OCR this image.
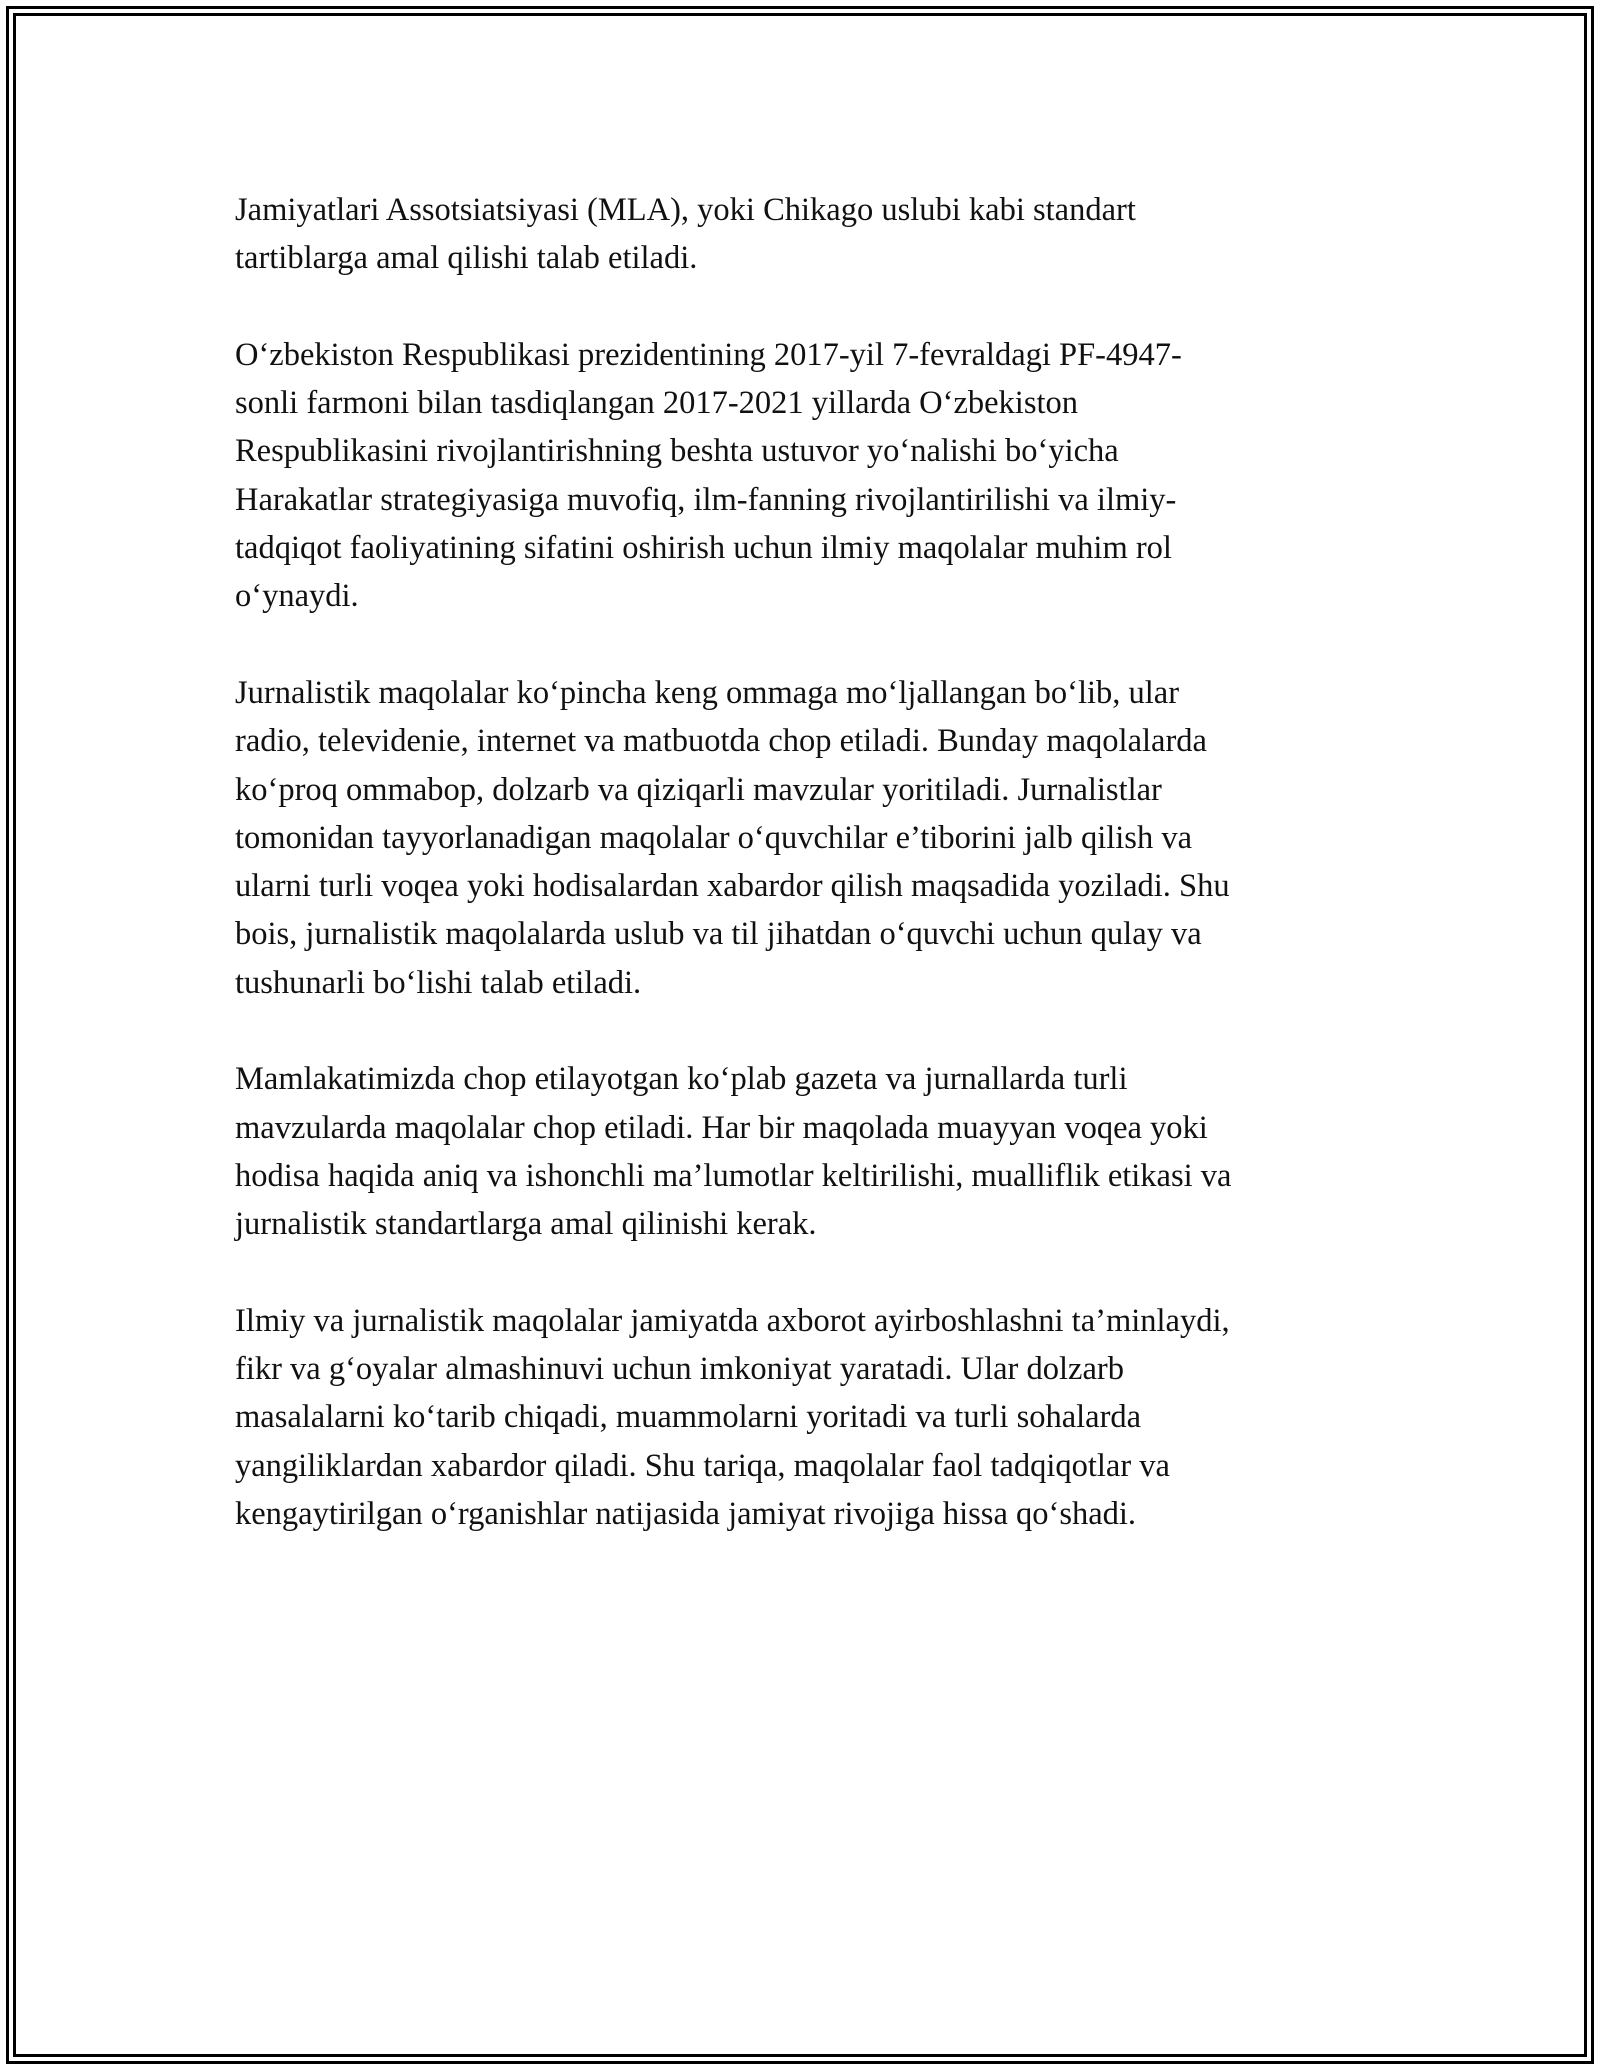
Jamiyatlari Assotsiatsiyasi (MLA), yoki Chikago uslubi kabi standart
tartiblarga amal qilishi talab etiladi.

O‘zbekiston Respublikasi prezidentining 2017-yil 7-fevraldagi PF-4947-
sonli farmoni bilan tasdiqlangan 2017-2021 yillarda O‘zbekiston
Respublikasini rivojlantirishning beshta ustuvor yo‘nalishi bo‘yicha
Harakatlar strategiyasiga muvofiq, ilm-fanning rivojlantirilishi va ilmiy-
tadqiqot faoliyatining sifatini oshirish uchun ilmiy maqolalar muhim rol
o‘ynaydi.

Jurnalistik maqolalar ko‘pincha keng ommaga mo‘ljallangan bo‘lib, ular
radio, televidenie, internet va matbuotda chop etiladi. Bunday maqolalarda
ko‘proq ommabop, dolzarb va qiziqarli mavzular yoritiladi. Jurnalistlar
tomonidan tayyorlanadigan maqolalar o‘quvchilar e’tiborini jalb qilish va
ularni turli voqea yoki hodisalardan xabardor qilish maqsadida yoziladi. Shu
bois, jurnalistik maqolalarda uslub va til jihatdan o‘quvchi uchun qulay va
tushunarli bo‘lishi talab etiladi.

Mamlakatimizda chop etilayotgan ko‘plab gazeta va jurnallarda turli
mavzularda maqolalar chop etiladi. Har bir maqolada muayyan voqea yoki
hodisa haqida aniq va ishonchli ma’lumotlar keltirilishi, mualliflik etikasi va
jurnalistik standartlarga amal qilinishi kerak.

Ilmiy va jurnalistik maqolalar jamiyatda axborot ayirboshlashni ta’minlaydi,
fikr va g‘oyalar almashinuvi uchun imkoniyat yaratadi. Ular dolzarb
masalalarni ko‘tarib chiqadi, muammolarni yoritadi va turli sohalarda
yangiliklardan xabardor qiladi. Shu tariqa, maqolalar faol tadqiqotlar va
kengaytirilgan o‘rganishlar natijasida jamiyat rivojiga hissa qo‘shadi.
